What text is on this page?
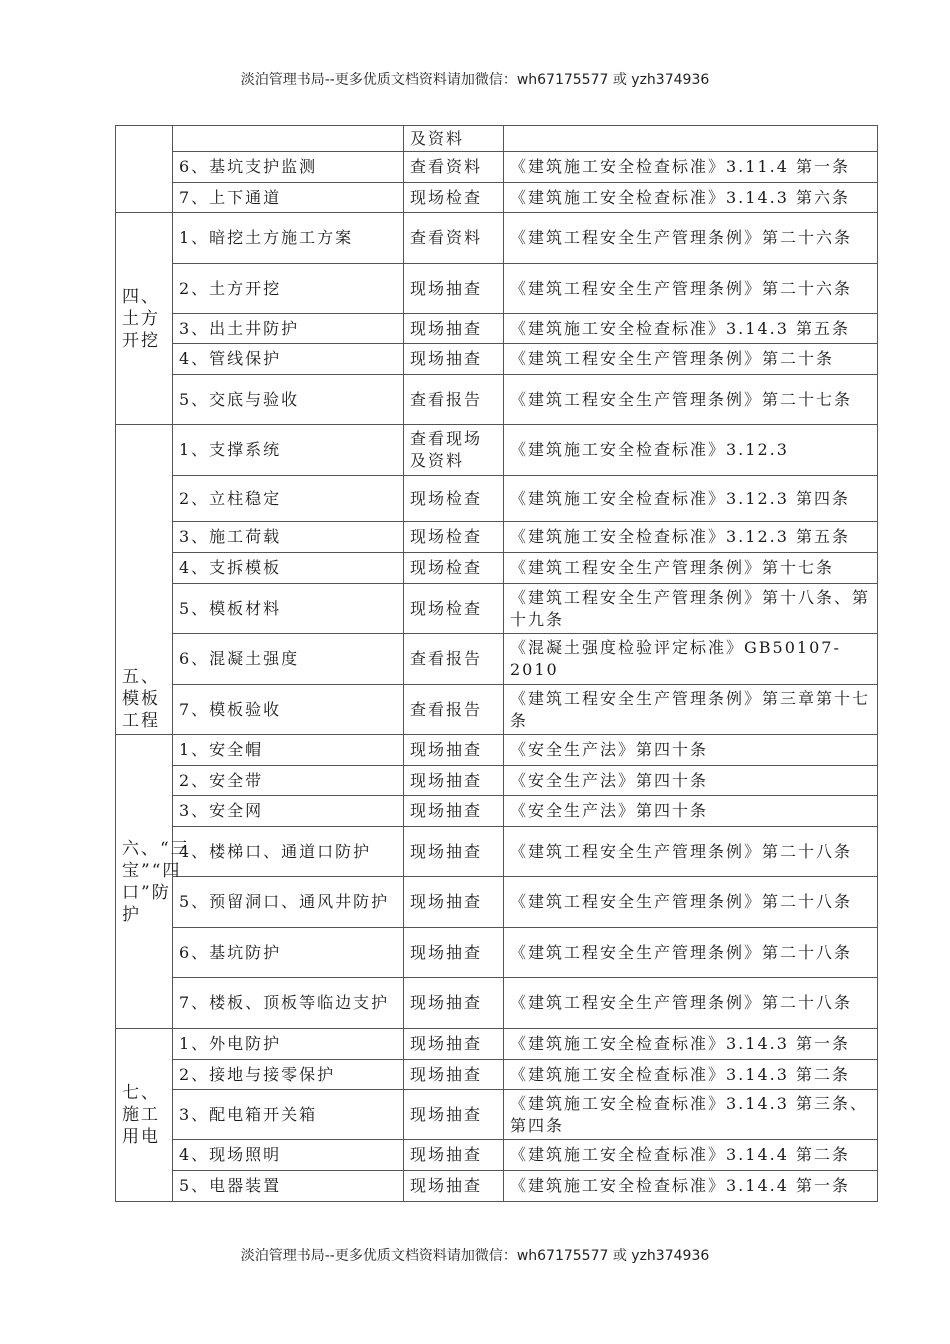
淡泊管理书局--更多优质文档资料请加微信：wh67175577 或 yzh374936
		及资料	
	6、基坑支护监测	查看资料	《建筑施工安全检查标准》3.11.4 第一条
	7、上下通道	现场检查	《建筑施工安全检查标准》3.14.3 第六条
四、土方开挖	1、暗挖土方施工方案	查看资料	《建筑工程安全生产管理条例》第二十六条
	2、土方开挖	现场抽查	《建筑工程安全生产管理条例》第二十六条
	3、出土井防护	现场抽查	《建筑施工安全检查标准》3.14.3 第五条
	4、管线保护	现场抽查	《建筑工程安全生产管理条例》第二十条
	5、交底与验收	查看报告	《建筑工程安全生产管理条例》第二十七条
五、模板工程	1、支撑系统	查看现场及资料	《建筑施工安全检查标准》3.12.3
	2、立柱稳定	现场检查	《建筑施工安全检查标准》3.12.3 第四条
	3、施工荷载	现场检查	《建筑施工安全检查标准》3.12.3 第五条
	4、支拆模板	现场检查	《建筑工程安全生产管理条例》第十七条
	5、模板材料	现场检查	《建筑工程安全生产管理条例》第十八条、第十九条
	6、混凝土强度	查看报告	《混凝土强度检验评定标准》GB50107-2010
	7、模板验收	查看报告	《建筑工程安全生产管理条例》第三章第十七条
六、“三宝”“四口”防护	1、安全帽	现场抽查	《安全生产法》第四十条
	2、安全带	现场抽查	《安全生产法》第四十条
	3、安全网	现场抽查	《安全生产法》第四十条
	4、楼梯口、通道口防护	现场抽查	《建筑工程安全生产管理条例》第二十八条
	5、预留洞口、通风井防护	现场抽查	《建筑工程安全生产管理条例》第二十八条
	6、基坑防护	现场抽查	《建筑工程安全生产管理条例》第二十八条
	7、楼板、顶板等临边支护	现场抽查	《建筑工程安全生产管理条例》第二十八条
七、施工用电	1、外电防护	现场抽查	《建筑施工安全检查标准》3.14.3 第一条
	2、接地与接零保护	现场抽查	《建筑施工安全检查标准》3.14.3 第二条
	3、配电箱开关箱	现场抽查	《建筑施工安全检查标准》3.14.3 第三条、第四条
	4、现场照明	现场抽查	《建筑施工安全检查标准》3.14.4 第二条
	5、电器装置	现场抽查	《建筑施工安全检查标准》3.14.4 第一条
淡泊管理书局--更多优质文档资料请加微信：wh67175577 或 yzh374936
